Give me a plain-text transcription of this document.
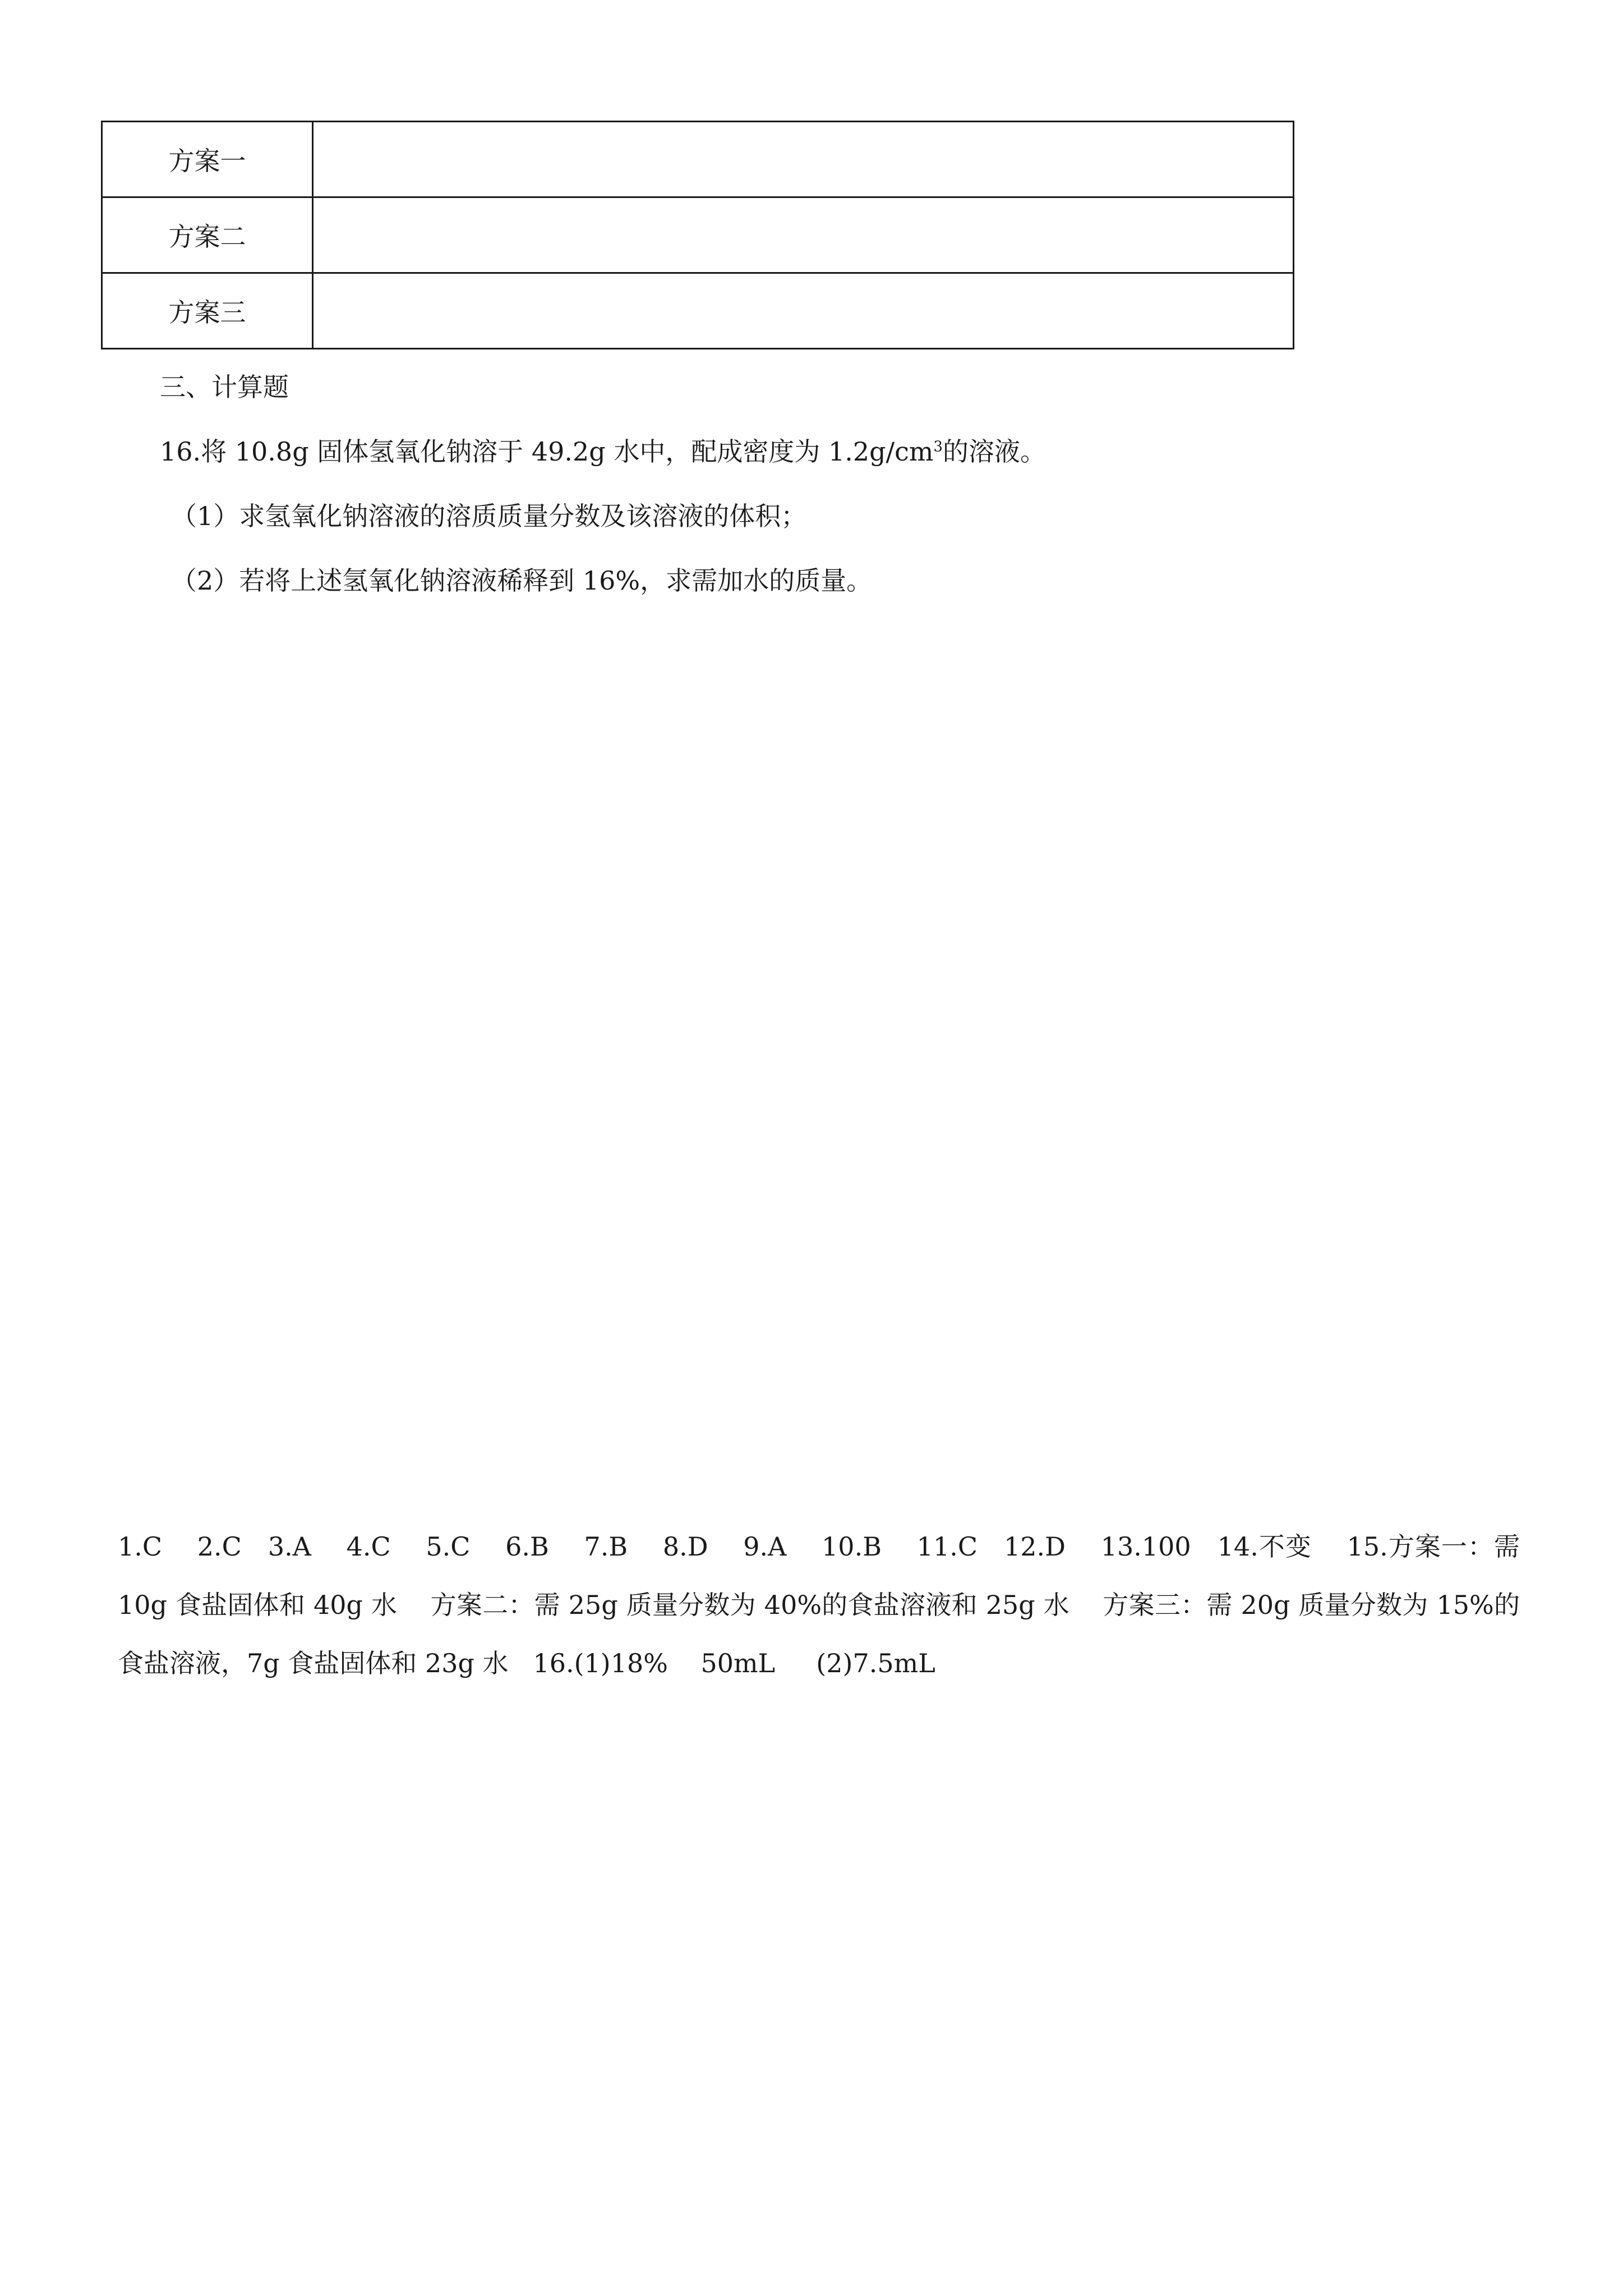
方案一	
方案二	
方案三	
三、计算题
16.将 10.8g 固体氢氧化钠溶于 49.2g 水中，配成密度为 $1.2g/cm^3$的溶液。
（1）求氢氧化钠溶液的溶质质量分数及该溶液的体积；
（2）若将上述氢氧化钠溶液稀释到 16%，求需加水的质量。
1.C    2.C   3.A    4.C    5.C    6.B    7.B    8.D    9.A    10.B    11.C   12.D    13.100   14.不变    15.方案一：需 10g 食盐固体和 40g 水    方案二：需 25g 质量分数为 40%的食盐溶液和 25g 水    方案三：需 20g 质量分数为 15%的食盐溶液，7g 食盐固体和 23g 水   16.(1)18%    50mL     (2)7.5mL
